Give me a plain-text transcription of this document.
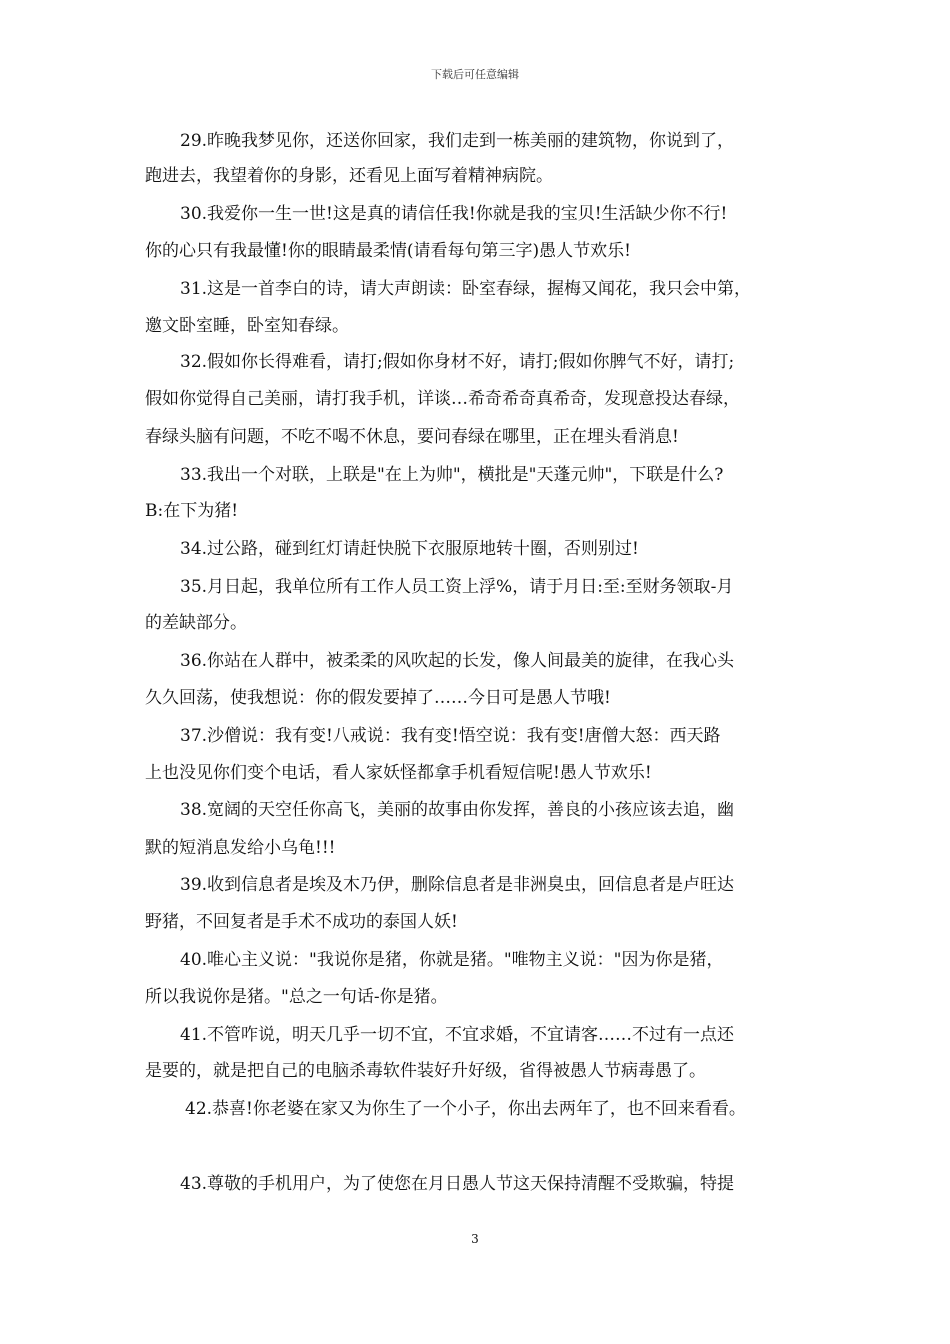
下载后可任意编辑
29.昨晚我梦见你，还送你回家，我们走到一栋美丽的建筑物，你说到了，
跑进去，我望着你的身影，还看见上面写着精神病院。
30.我爱你一生一世!这是真的请信任我!你就是我的宝贝!生活缺少你不行!
你的心只有我最懂!你的眼睛最柔情(请看每句第三字)愚人节欢乐!
31.这是一首李白的诗，请大声朗读：卧室春绿，握梅又闻花，我只会中第，
邀文卧室睡，卧室知春绿。
32.假如你长得难看，请打;假如你身材不好，请打;假如你脾气不好，请打;
假如你觉得自己美丽，请打我手机，详谈…希奇希奇真希奇，发现意投达春绿，
春绿头脑有问题，不吃不喝不休息，要问春绿在哪里，正在埋头看消息!
33.我出一个对联，上联是"在上为帅"，横批是"天蓬元帅"，下联是什么?
B:在下为猪!
34.过公路，碰到红灯请赶快脱下衣服原地转十圈，否则别过!
35.月日起，我单位所有工作人员工资上浮%，请于月日:至:至财务领取-月
的差缺部分。
36.你站在人群中，被柔柔的风吹起的长发，像人间最美的旋律，在我心头
久久回荡，使我想说：你的假发要掉了……今日可是愚人节哦!
37.沙僧说：我有变!八戒说：我有变!悟空说：我有变!唐僧大怒：西天路
上也没见你们变个电话，看人家妖怪都拿手机看短信呢!愚人节欢乐!
38.宽阔的天空任你高飞，美丽的故事由你发挥，善良的小孩应该去追，幽
默的短消息发给小乌龟!!!
39.收到信息者是埃及木乃伊，删除信息者是非洲臭虫，回信息者是卢旺达
野猪，不回复者是手术不成功的泰国人妖!
40.唯心主义说："我说你是猪，你就是猪。"唯物主义说："因为你是猪，
所以我说你是猪。"总之一句话-你是猪。
41.不管咋说，明天几乎一切不宜，不宜求婚，不宜请客……不过有一点还
是要的，就是把自己的电脑杀毒软件装好升好级，省得被愚人节病毒愚了。
42.恭喜!你老婆在家又为你生了一个小子，你出去两年了，也不回来看看。
43.尊敬的手机用户，为了使您在月日愚人节这天保持清醒不受欺骗，特提
3
